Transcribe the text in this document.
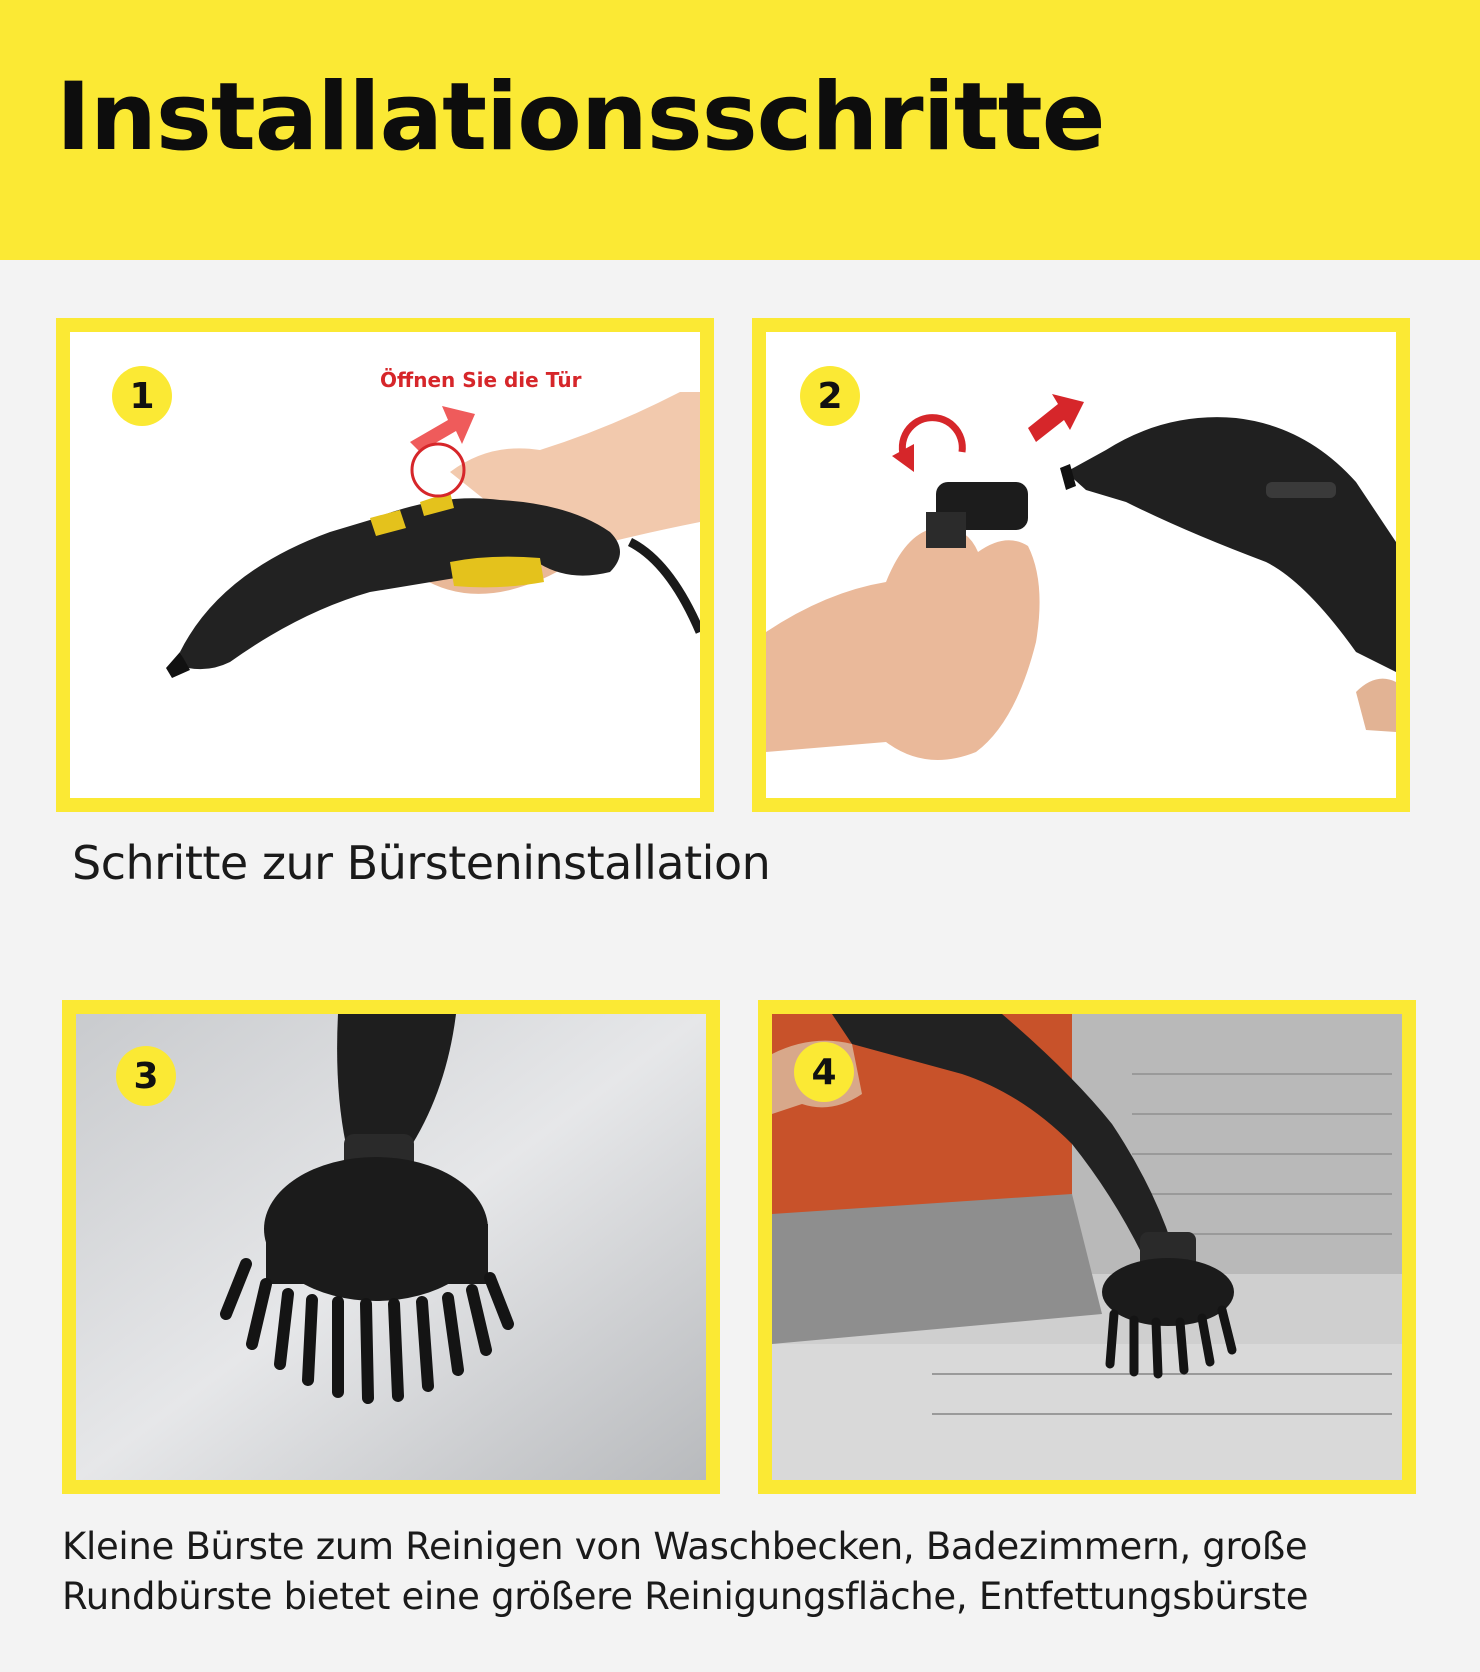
Installationsschritte
1	Öffnen Sie die Tür	2
Schritte zur Bürsteninstallation
3	4
Kleine Bürste zum Reinigen von Waschbecken, Badezimmern, große Rundbürste bietet eine größere Reinigungsfläche, Entfettungsbürste
